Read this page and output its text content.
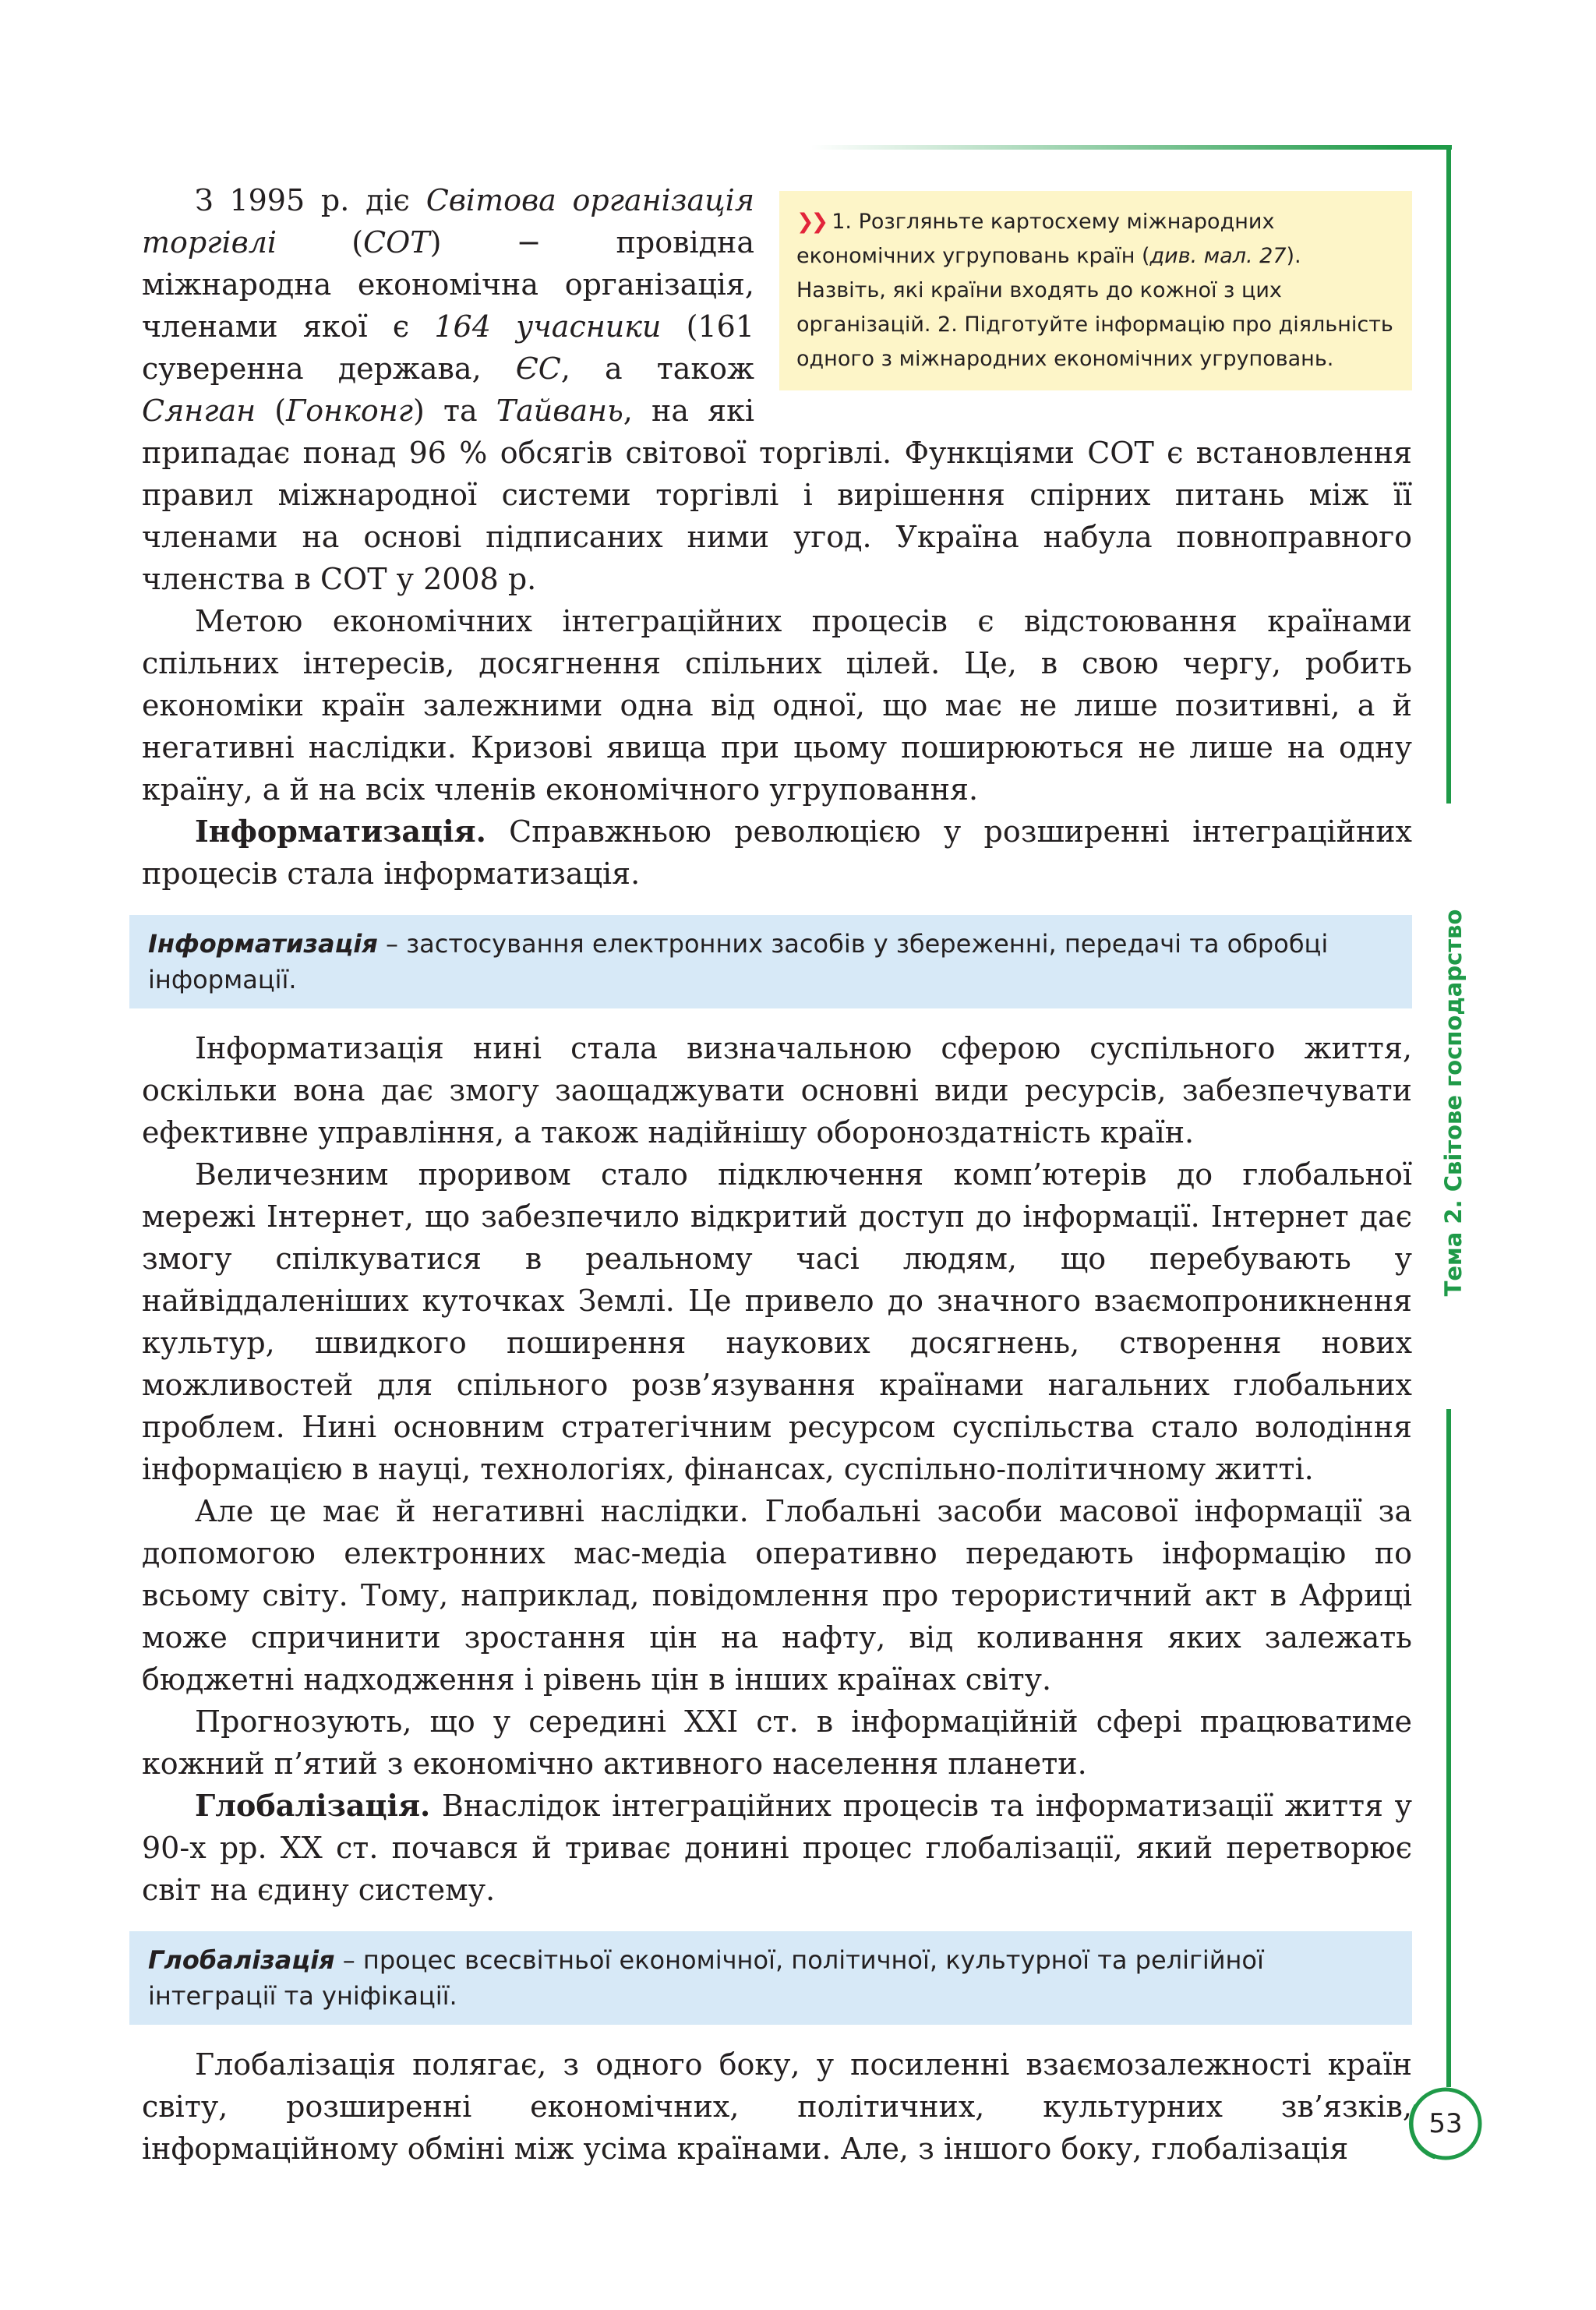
Тема 2. Світове господарство
❯❯ 1. Розгляньте картосхему міжнародних економічних угруповань країн (див. мал. 27). Назвіть, які країни входять до кожної з цих організацій. 2. Підготуйте інформацію про діяльність одного з міжнародних економічних угруповань.

З 1995 р. діє Світова організація торгівлі (СОТ) − провідна міжнародна економічна організація, членами якої є 164 учасники (161 суверенна держава, ЄС, а також Сянган (Гонконг) та Тайвань, на які припадає понад 96 % обсягів світової торгівлі. Функціями СОТ є встановлення правил міжнародної системи торгівлі і вирішення спірних питань між її членами на основі підписаних ними угод. Україна набула повноправного членства в СОТ у 2008 р.

Метою економічних інтеграційних процесів є відстоювання країнами спільних інтересів, досягнення спільних цілей. Це, в свою чергу, робить економіки країн залежними одна від одної, що має не лише позитивні, а й негативні наслідки. Кризові явища при цьому поширюються не лише на одну країну, а й на всіх членів економічного угруповання.

Інформатизація. Справжньою революцією у розширенні інтеграційних процесів стала інформатизація.

Інформатизація – застосування електронних засобів у збереженні, передачі та обробці інформації.

Інформатизація нині стала визначальною сферою суспільного життя, оскільки вона дає змогу заощаджувати основні види ресурсів, забезпечувати ефективне управління, а також надійнішу обороноздатність країн.

Величезним проривом стало підключення комп’ютерів до глобальної мережі Інтернет, що забезпечило відкритий доступ до інформації. Інтернет дає змогу спілкуватися в реальному часі людям, що перебувають у найвіддаленіших куточках Землі. Це привело до значного взаємопроникнення культур, швидкого поширення наукових досягнень, створення нових можливостей для спільного розв’язування країнами нагальних глобальних проблем. Нині основним стратегічним ресурсом суспільства стало володіння інформацією в науці, технологіях, фінансах, суспільно-політичному житті.

Але це має й негативні наслідки. Глобальні засоби масової інформації за допомогою електронних мас-медіа оперативно передають інформацію по всьому світу. Тому, наприклад, повідомлення про терористичний акт в Африці може спричинити зростання цін на нафту, від коливання яких залежать бюджетні надходження і рівень цін в інших країнах світу.

Прогнозують, що у середині XXI ст. в інформаційній сфері працюватиме кожний п’ятий з економічно активного населення планети.

Глобалізація. Внаслідок інтеграційних процесів та інформатизації життя у 90-х рр. XX ст. почався й триває донині процес глобалізації, який перетворює світ на єдину систему.

Глобалізація – процес всесвітньої економічної, політичної, культурної та релігійної інтеграції та уніфікації.

Глобалізація полягає, з одного боку, у посиленні взаємозалежності країн світу, розширенні економічних, політичних, культурних зв’язків, інформаційному обміні між усіма країнами. Але, з іншого боку, глобалізація

53
